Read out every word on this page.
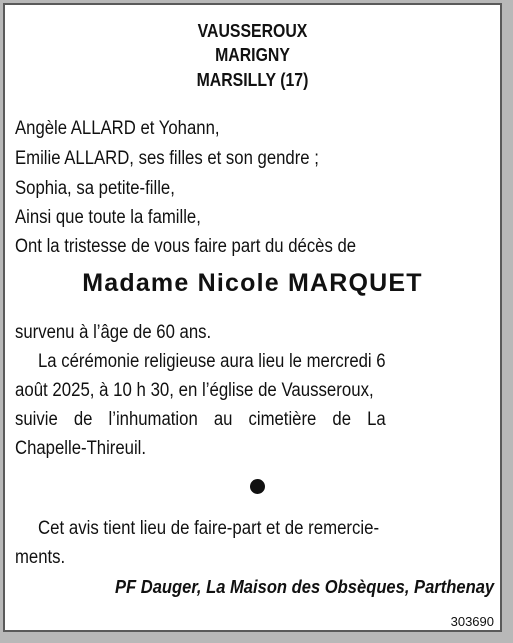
VAUSSEROUX
MARIGNY
MARSILLY (17)
Angèle ALLARD et Yohann,
Emilie ALLARD, ses filles et son gendre ;
Sophia, sa petite-fille,
Ainsi que toute la famille,
Ont la tristesse de vous faire part du décès de
Madame Nicole MARQUET
survenu à l’âge de 60 ans.
La cérémonie religieuse aura lieu le mercredi 6
août 2025, à 10 h 30, en l’église de Vausseroux,
suivie de l’inhumation au cimetière de La
Chapelle-Thireuil.
Cet avis tient lieu de faire-part et de remercie-
ments.
PF Dauger, La Maison des Obsèques, Parthenay
303690
